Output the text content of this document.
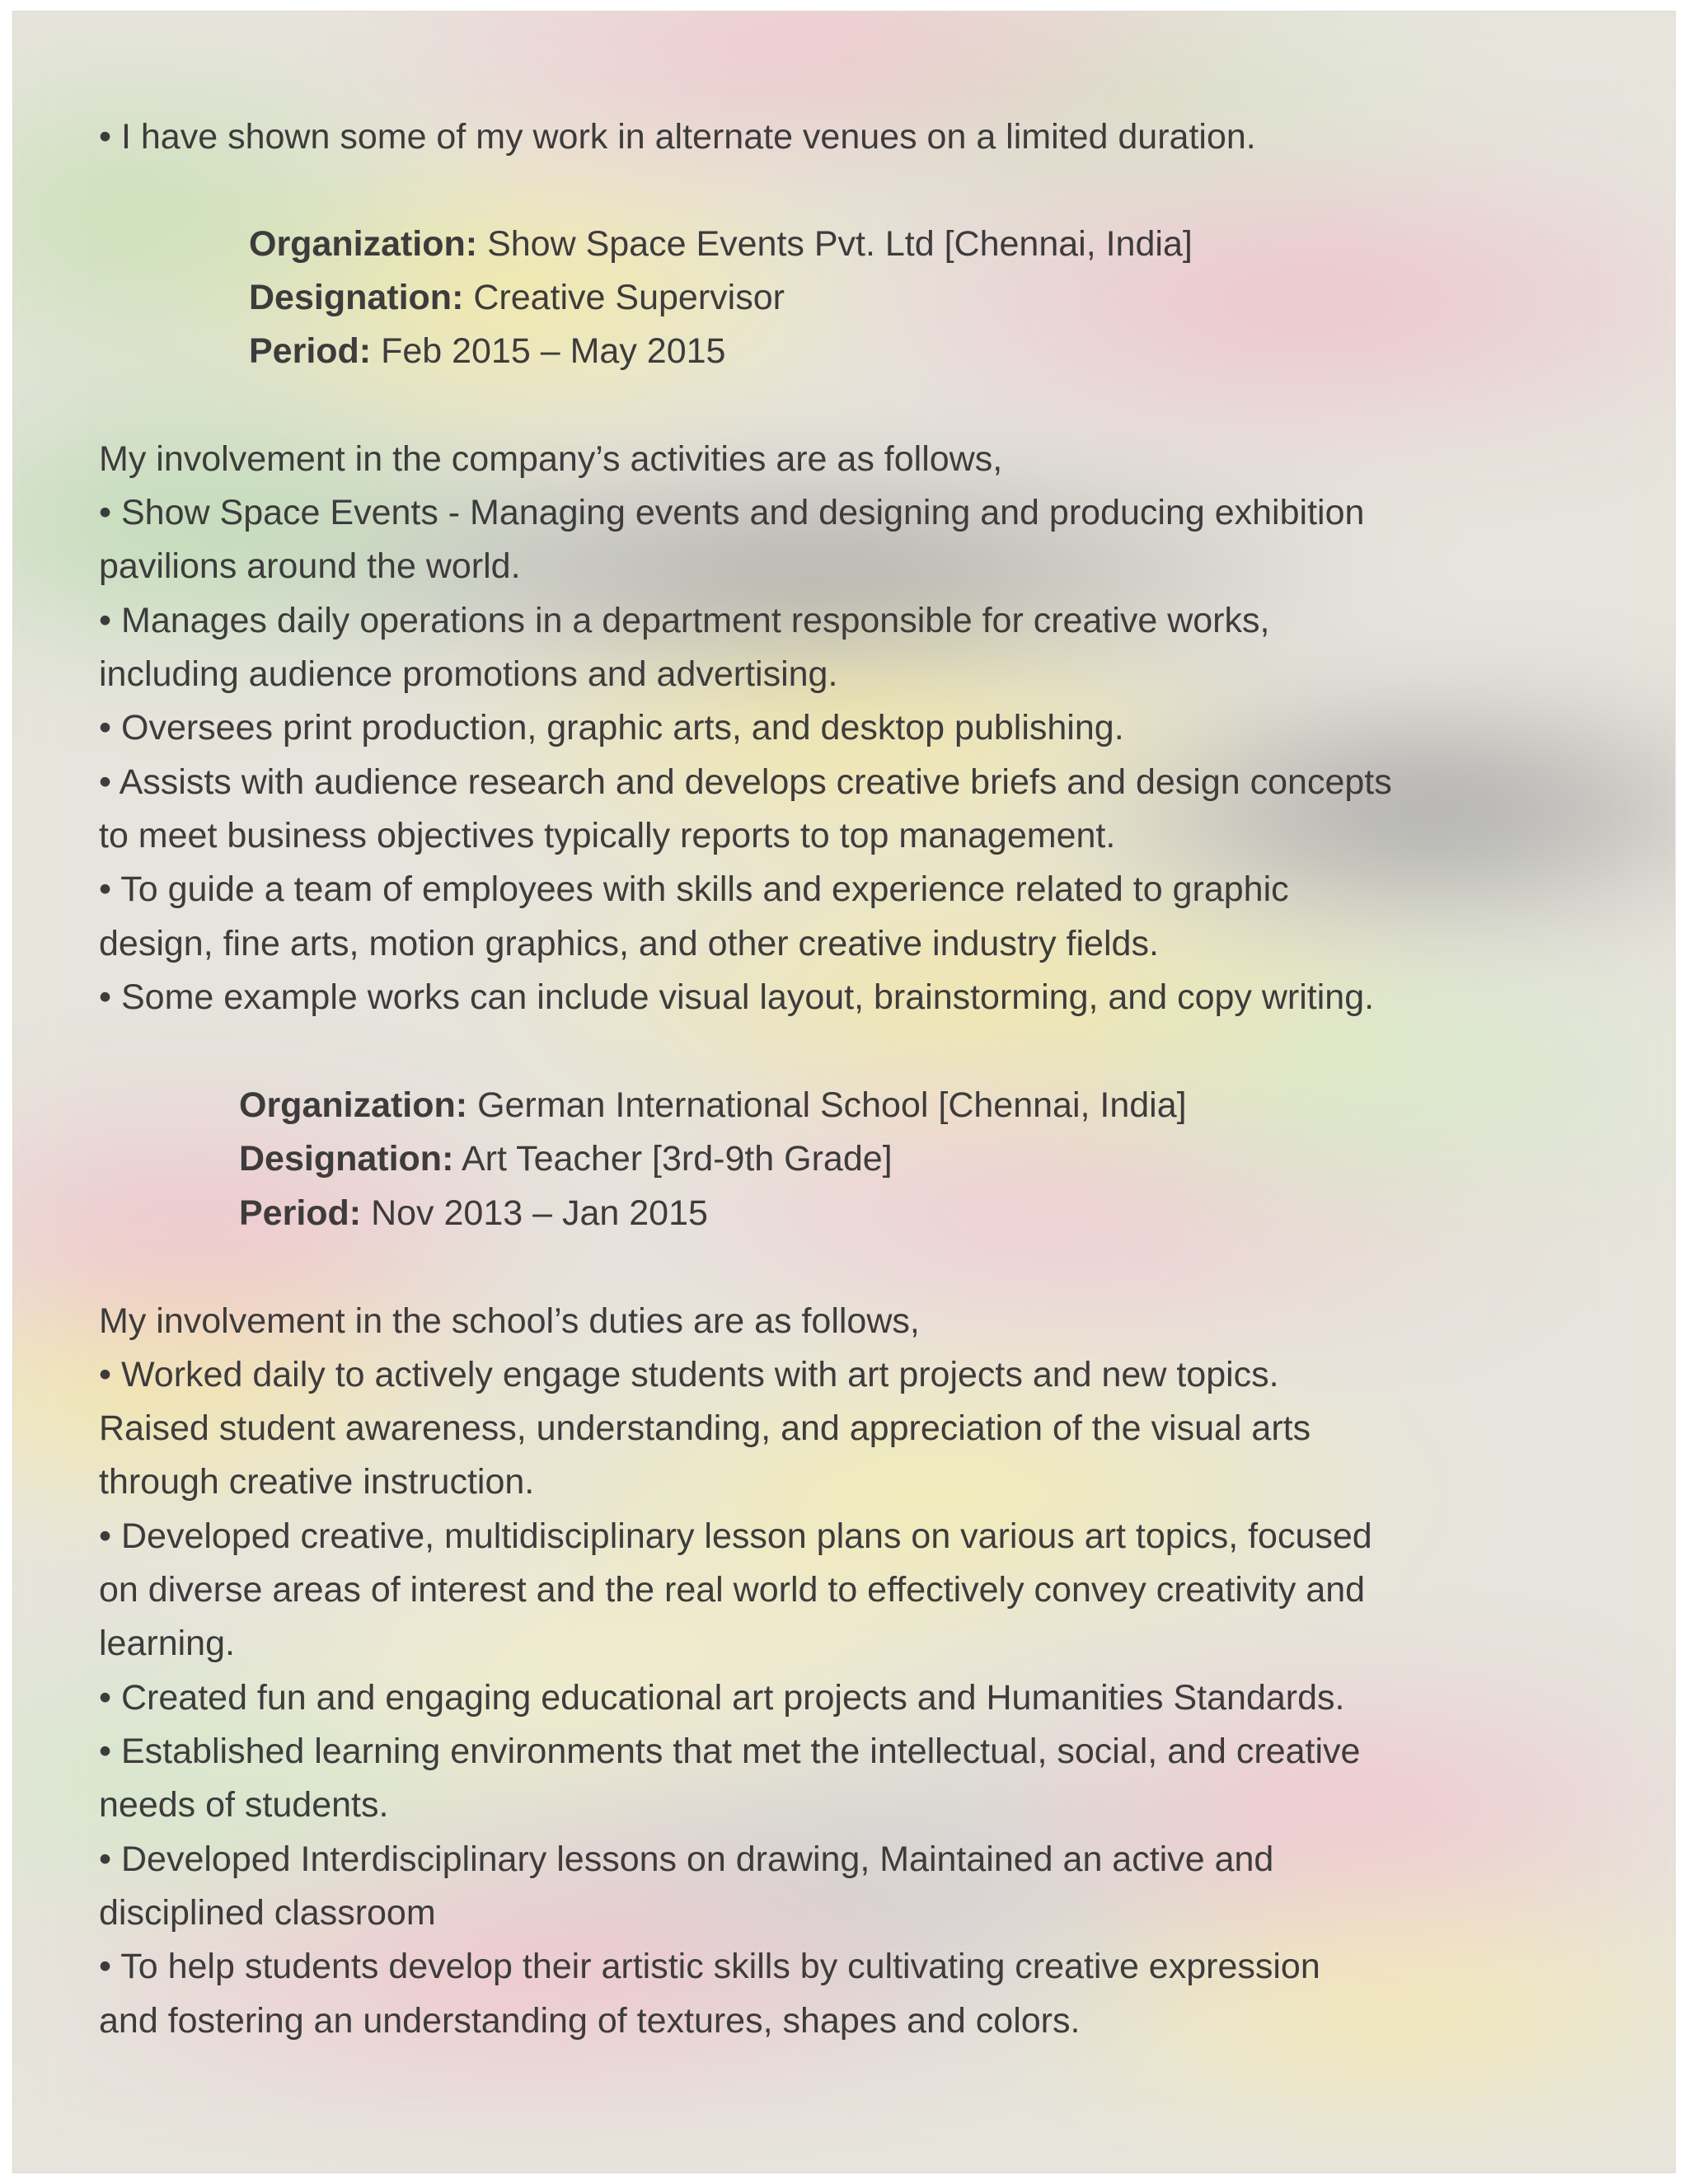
• I have shown some of my work in alternate venues on a limited duration.

Organization: Show Space Events Pvt. Ltd [Chennai, India]
Designation: Creative Supervisor
Period: Feb 2015 – May 2015

My involvement in the company’s activities are as follows,

• Show Space Events - Managing events and designing and producing exhibition

pavilions around the world.

• Manages daily operations in a department responsible for creative works,

including audience promotions and advertising.

• Oversees print production, graphic arts, and desktop publishing.

• Assists with audience research and develops creative briefs and design concepts

to meet business objectives typically reports to top management.

• To guide a team of employees with skills and experience related to graphic

design, fine arts, motion graphics, and other creative industry fields.

• Some example works can include visual layout, brainstorming, and copy writing.

Organization: German International School [Chennai, India]
Designation: Art Teacher [3rd-9th Grade]
Period: Nov 2013 – Jan 2015

My involvement in the school’s duties are as follows,

• Worked daily to actively engage students with art projects and new topics.

Raised student awareness, understanding, and appreciation of the visual arts

through creative instruction.

• Developed creative, multidisciplinary lesson plans on various art topics, focused

on diverse areas of interest and the real world to effectively convey creativity and

learning.

• Created fun and engaging educational art projects and Humanities Standards.

• Established learning environments that met the intellectual, social, and creative

needs of students.

• Developed Interdisciplinary lessons on drawing, Maintained an active and

disciplined classroom

• To help students develop their artistic skills by cultivating creative expression

and fostering an understanding of textures, shapes and colors.
